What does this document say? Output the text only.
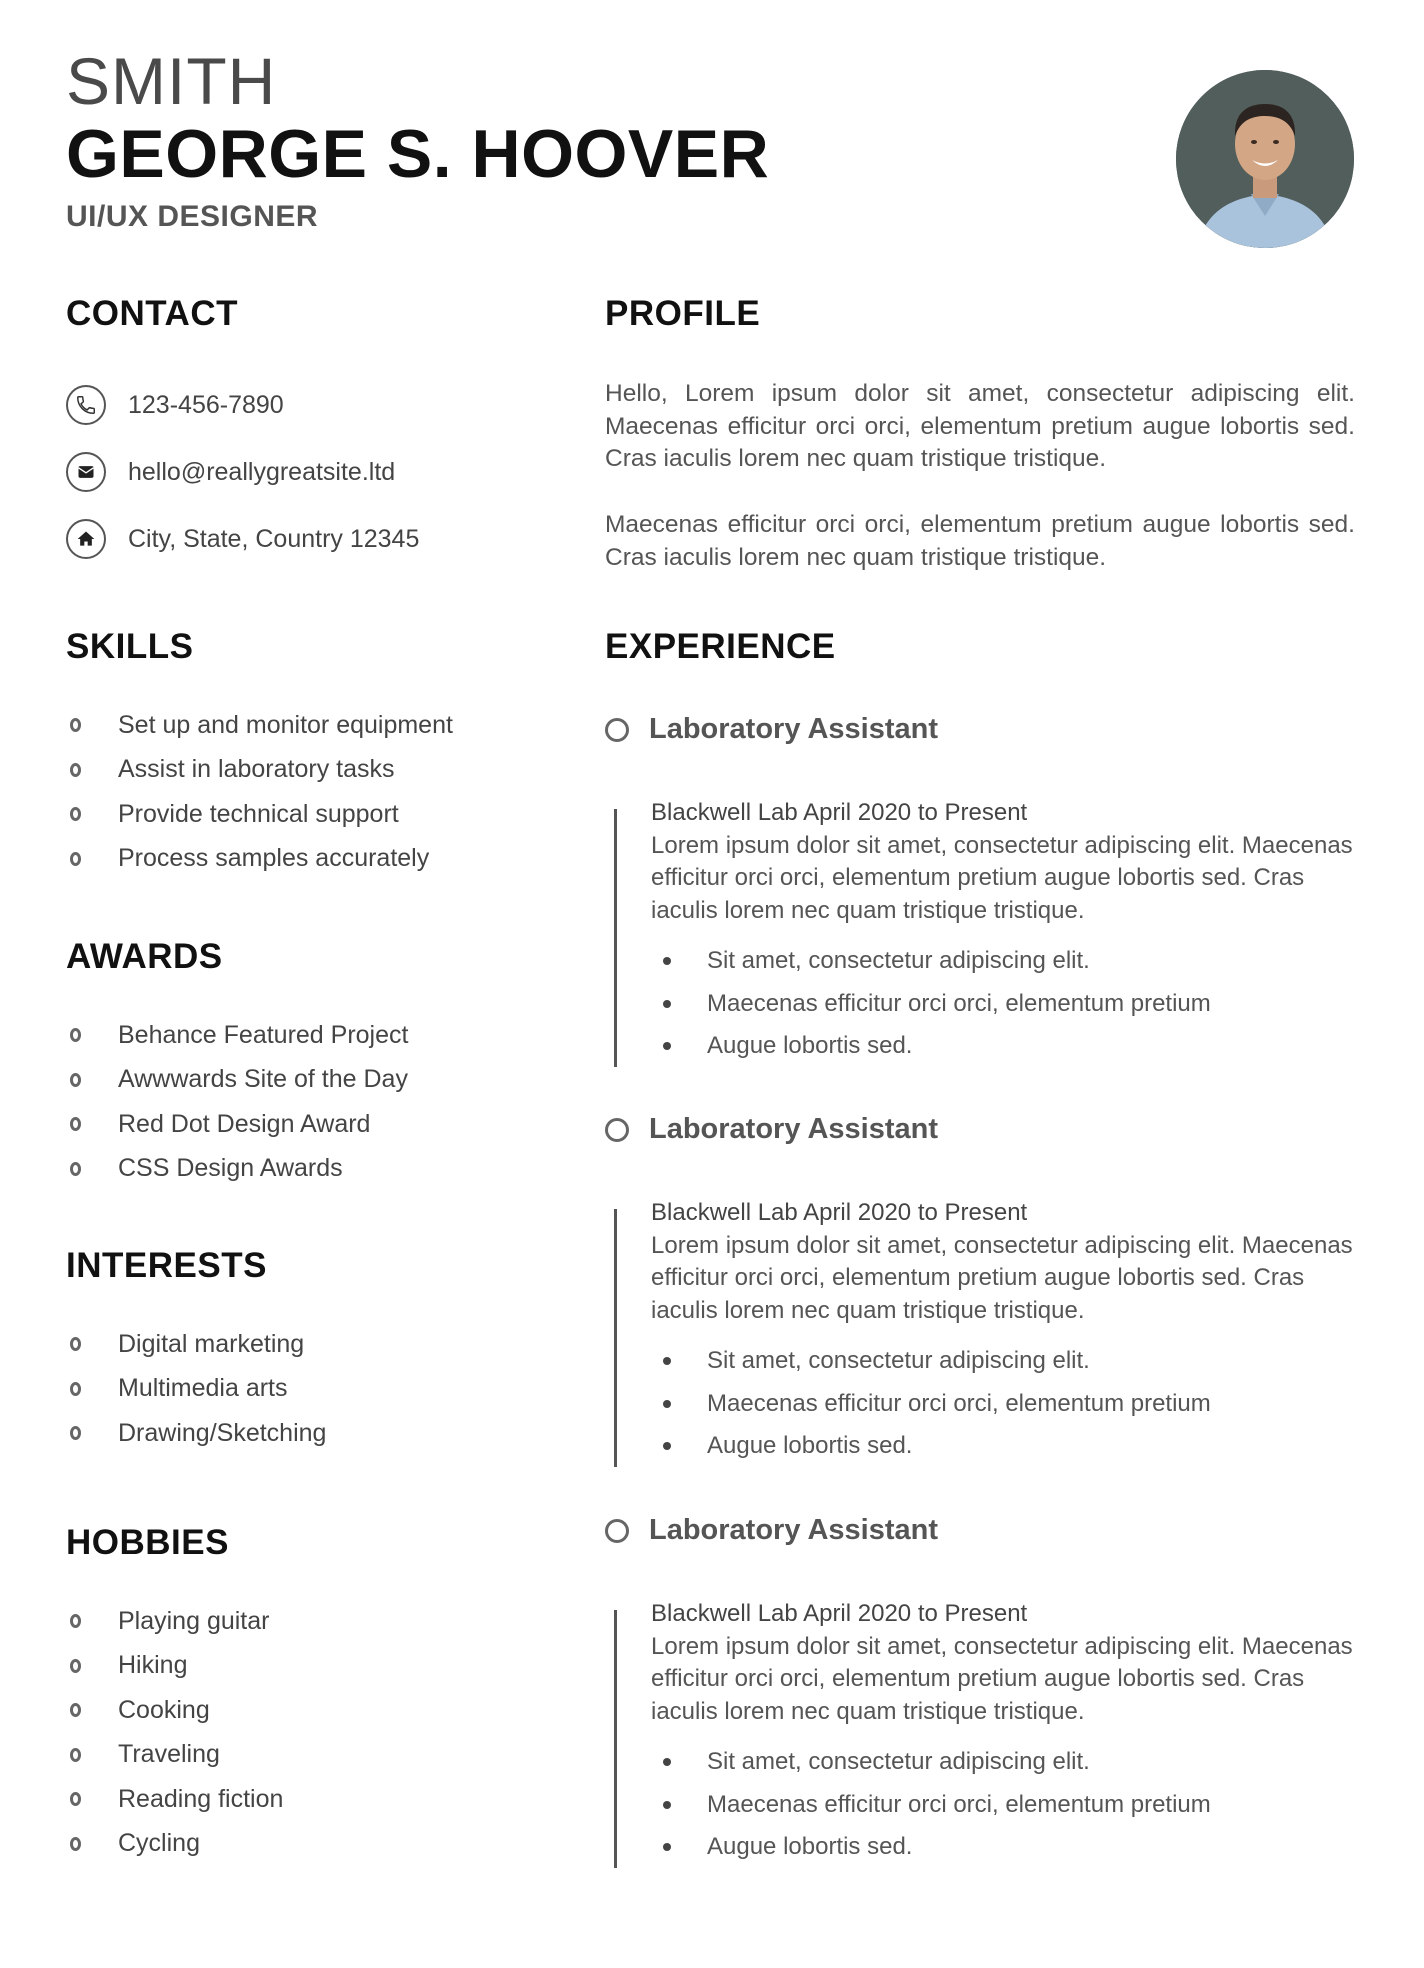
SMITH
GEORGE S. HOOVER
UI/UX DESIGNER
CONTACT
123-456-7890
hello@reallygreatsite.ltd
City, State, Country 12345
SKILLS
Set up and monitor equipment
Assist in laboratory tasks
Provide technical support
Process samples accurately
AWARDS
Behance Featured Project
Awwwards Site of the Day
Red Dot Design Award
CSS Design Awards
INTERESTS
Digital marketing
Multimedia arts
Drawing/Sketching
HOBBIES
Playing guitar
Hiking
Cooking
Traveling
Reading fiction
Cycling
PROFILE

Hello, Lorem ipsum dolor sit amet, consectetur adipiscing elit. Maecenas efficitur orci orci, elementum pretium augue lobortis sed. Cras iaculis lorem nec quam tristique tristique.

Maecenas efficitur orci orci, elementum pretium augue lobortis sed. Cras iaculis lorem nec quam tristique tristique.

EXPERIENCE
Laboratory Assistant
Blackwell Lab April 2020 to Present

Lorem ipsum dolor sit amet, consectetur adipiscing elit. Maecenas efficitur orci orci, elementum pretium augue lobortis sed. Cras iaculis lorem nec quam tristique tristique.

Sit amet, consectetur adipiscing elit.
Maecenas efficitur orci orci, elementum pretium
Augue lobortis sed.
Laboratory Assistant
Blackwell Lab April 2020 to Present

Lorem ipsum dolor sit amet, consectetur adipiscing elit. Maecenas efficitur orci orci, elementum pretium augue lobortis sed. Cras iaculis lorem nec quam tristique tristique.

Sit amet, consectetur adipiscing elit.
Maecenas efficitur orci orci, elementum pretium
Augue lobortis sed.
Laboratory Assistant
Blackwell Lab April 2020 to Present

Lorem ipsum dolor sit amet, consectetur adipiscing elit. Maecenas efficitur orci orci, elementum pretium augue lobortis sed. Cras iaculis lorem nec quam tristique tristique.

Sit amet, consectetur adipiscing elit.
Maecenas efficitur orci orci, elementum pretium
Augue lobortis sed.
